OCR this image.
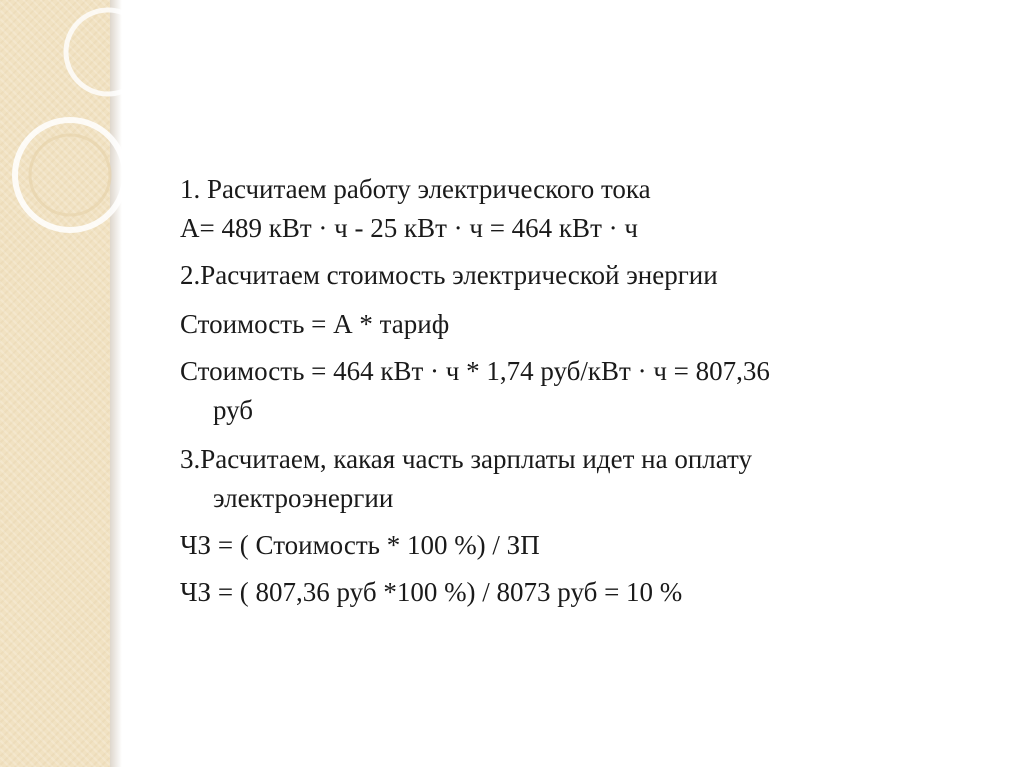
1. Расчитаем работу электрического тока
А= 489 кВт · ч - 25 кВт · ч = 464 кВт · ч
2.Расчитаем стоимость электрической энергии
Стоимость = А * тариф
Стоимость = 464 кВт · ч * 1,74 руб/кВт · ч = 807,36
руб
3.Расчитаем, какая часть зарплаты идет на оплату
электроэнергии
ЧЗ = ( Стоимость * 100 %) / ЗП
ЧЗ = ( 807,36 руб *100 %) / 8073 руб = 10 %
